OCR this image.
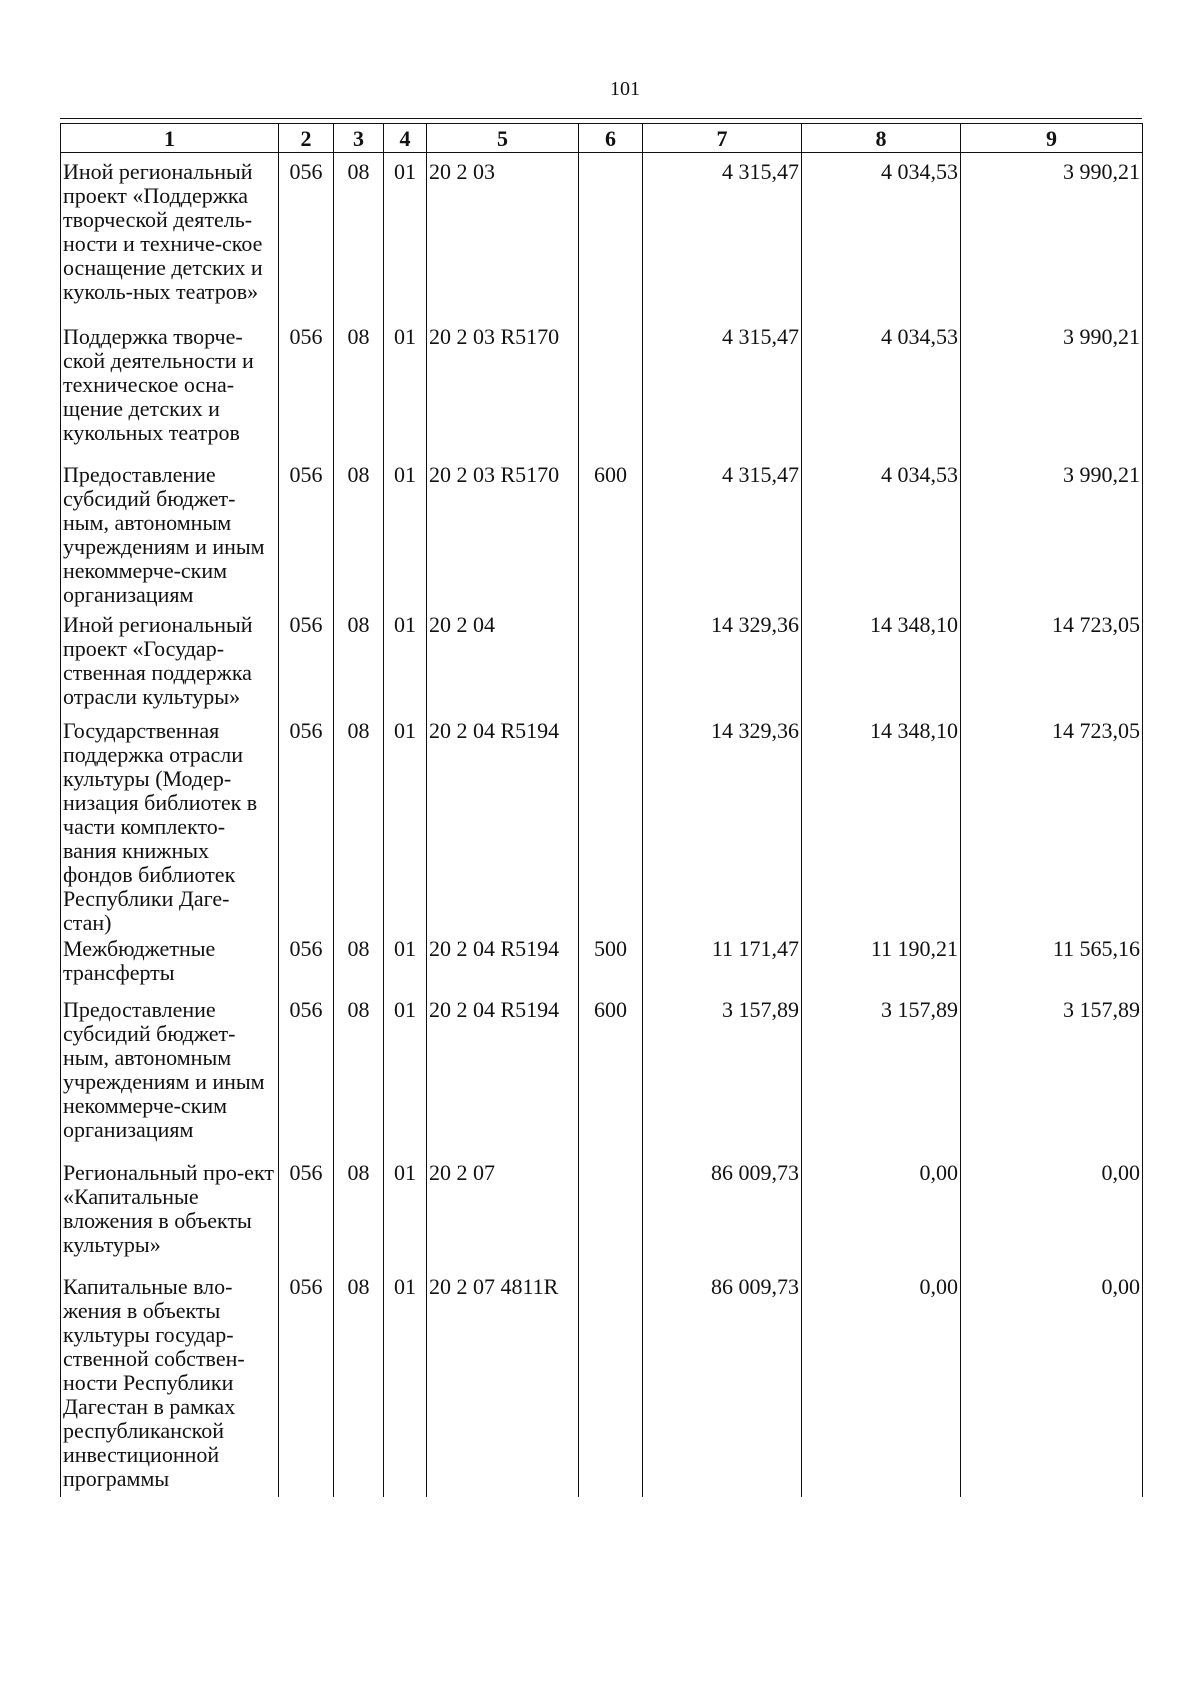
101
1	2	3	4	5	6	7	8	9
Иной региональный проект «Поддержка творческой деятель-ности и техниче-ское оснащение детских и куколь-ных театров»	056	08	01	20 2 03		4 315,47	4 034,53	3 990,21
Поддержка творче-ской деятельности и техническое осна-щение детских и кукольных театров	056	08	01	20 2 03 R5170		4 315,47	4 034,53	3 990,21
Предоставление субсидий бюджет-ным, автономным учреждениям и иным некоммерче-ским организациям	056	08	01	20 2 03 R5170	600	4 315,47	4 034,53	3 990,21
Иной региональный проект «Государ-ственная поддержка отрасли культуры»	056	08	01	20 2 04		14 329,36	14 348,10	14 723,05
Государственная поддержка отрасли культуры (Модер-низация библиотек в части комплекто-вания книжных фондов библиотек Республики Даге-стан)	056	08	01	20 2 04 R5194		14 329,36	14 348,10	14 723,05
Межбюджетные трансферты	056	08	01	20 2 04 R5194	500	11 171,47	11 190,21	11 565,16
Предоставление субсидий бюджет-ным, автономным учреждениям и иным некоммерче-ским организациям	056	08	01	20 2 04 R5194	600	3 157,89	3 157,89	3 157,89
Региональный про-ект «Капитальные вложения в объекты культуры»	056	08	01	20 2 07		86 009,73	0,00	0,00
Капитальные вло-жения в объекты культуры государ-ственной собствен-ности Республики Дагестан в рамках республиканской инвестиционной программы	056	08	01	20 2 07 4811R		86 009,73	0,00	0,00
